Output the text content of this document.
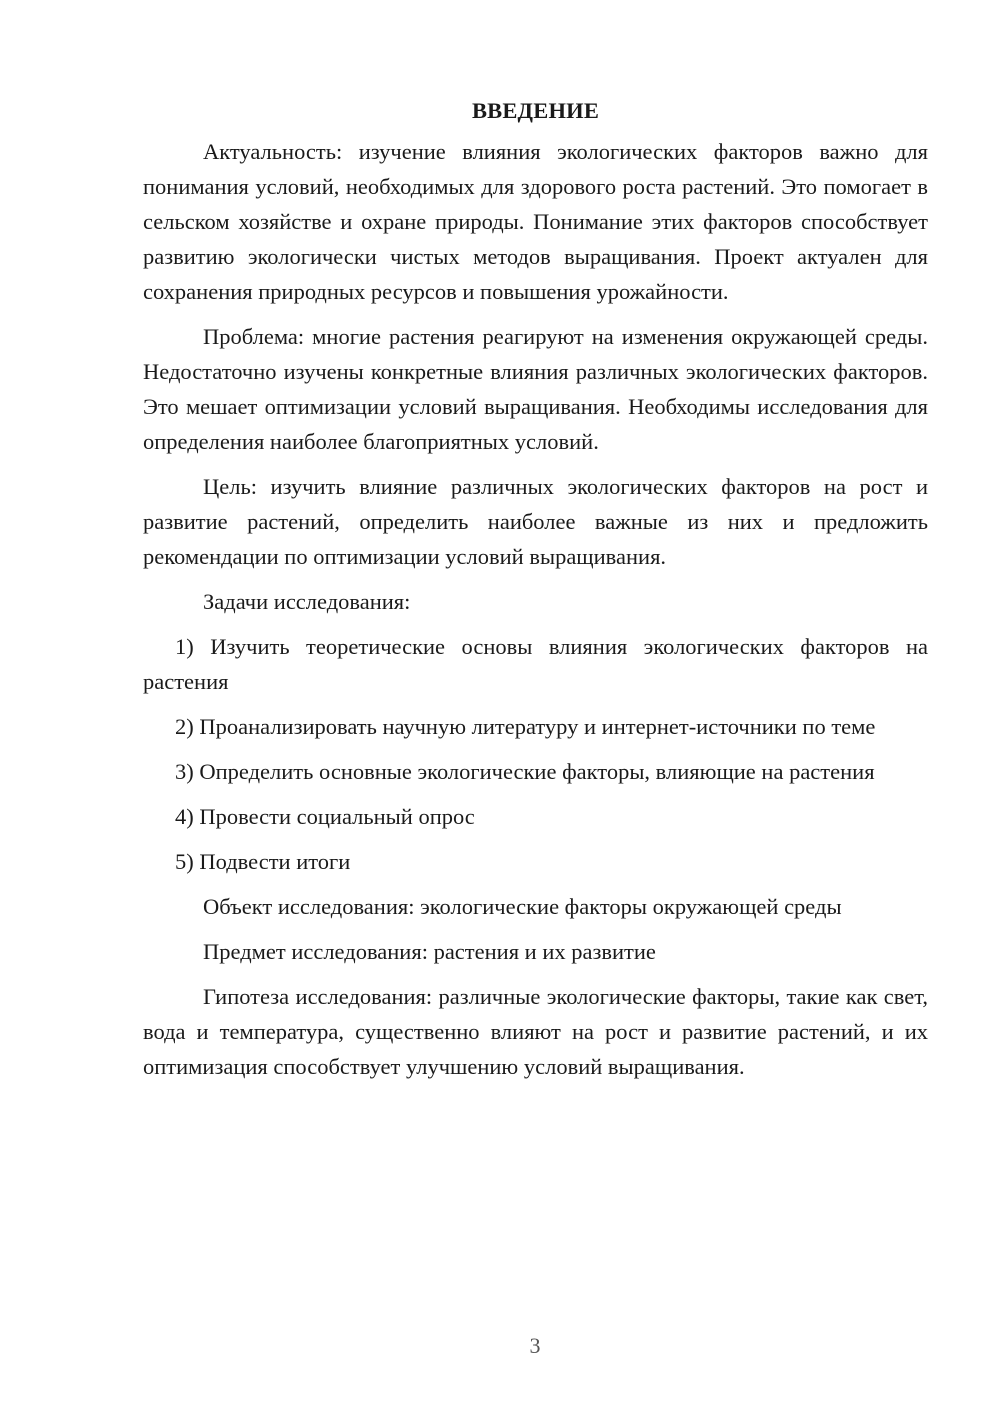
ВВЕДЕНИЕ

Актуальность: изучение влияния экологических факторов важно для понимания условий, необходимых для здорового роста растений. Это помогает в сельском хозяйстве и охране природы. Понимание этих факторов способствует развитию экологически чистых методов выращивания. Проект актуален для сохранения природных ресурсов и повышения урожайности.

Проблема: многие растения реагируют на изменения окружающей среды. Недостаточно изучены конкретные влияния различных экологических факторов. Это мешает оптимизации условий выращивания. Необходимы исследования для определения наиболее благоприятных условий.

Цель: изучить влияние различных экологических факторов на рост и развитие растений, определить наиболее важные из них и предложить рекомендации по оптимизации условий выращивания.

Задачи исследования:

1) Изучить теоретические основы влияния экологических факторов на растения

2) Проанализировать научную литературу и интернет-источники по теме

3) Определить основные экологические факторы, влияющие на растения

4) Провести социальный опрос

5) Подвести итоги

Объект исследования: экологические факторы окружающей среды

Предмет исследования: растения и их развитие

Гипотеза исследования: различные экологические факторы, такие как свет, вода и температура, существенно влияют на рост и развитие растений, и их оптимизация способствует улучшению условий выращивания.

3
